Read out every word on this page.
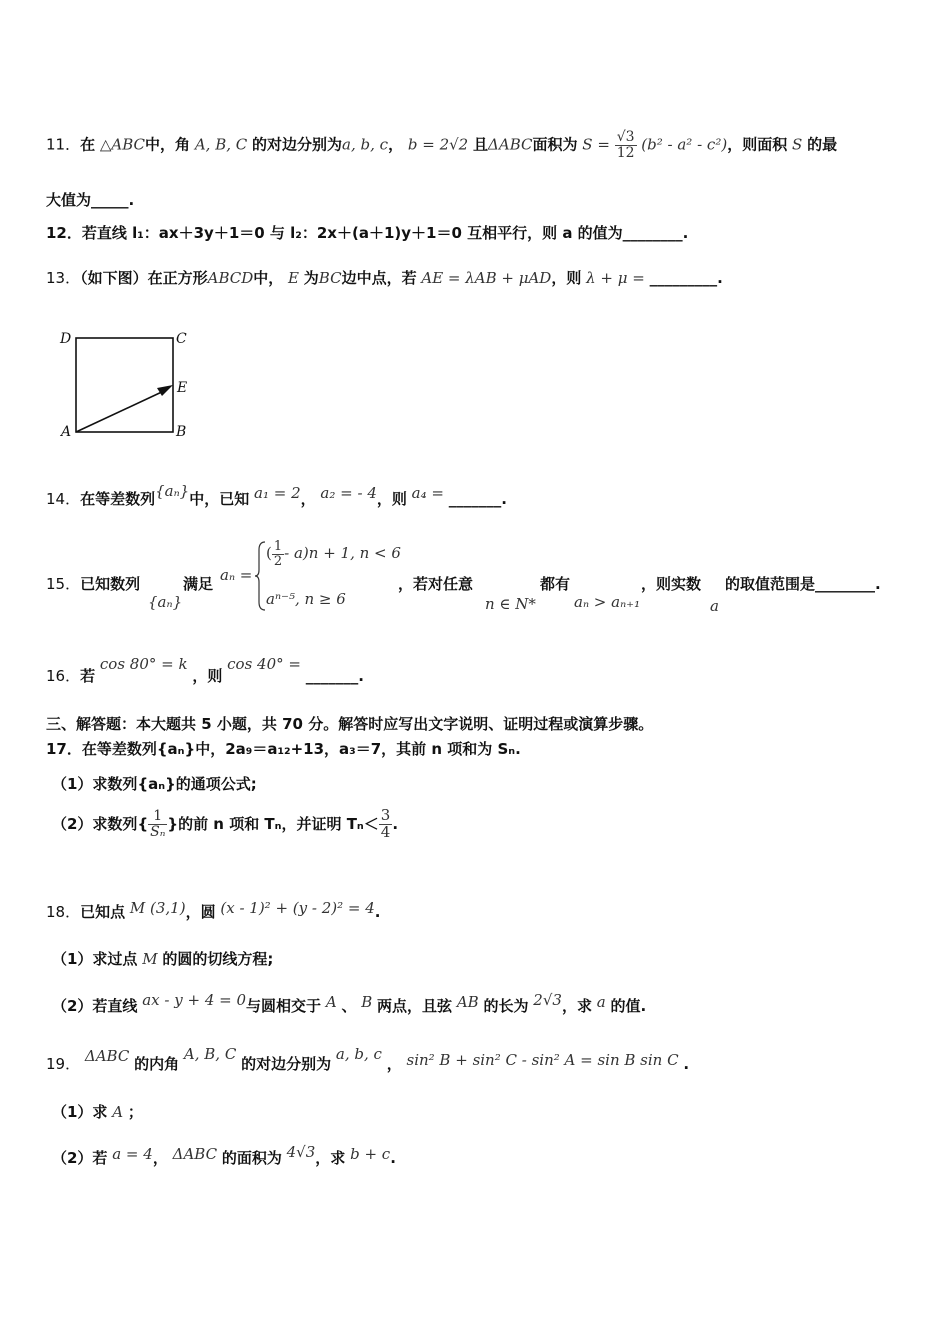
11．在 △ABC中，角 A, B, C 的对边分别为a, b, c， b = 2√2 且ΔABC面积为 $S = \frac{√3}{12} (b^2 - a^2 - c^2)$，则面积 S 的最
大值为_____.
12．若直线 l₁：ax＋3y＋1＝0 与 l₂：2x＋(a＋1)y＋1＝0 互相平行，则 a 的值为________.
13．（如下图）在正方形ABCD中， E 为BC边中点，若 AE = λAB + μAD，则 λ + μ = _________.
D	C
E
A	B
14．在等差数列{aₙ}中，已知 a₁ = 2， a₂ = - 4，则 a₄ = _______.
15．已知数列
{aₙ}
满足 aₙ =
( $\frac{1}{2} - a)n + 1$, n < 6
aⁿ⁻⁵, n ≥ 6
，若对任意
n ∈ N*
都有
aₙ > aₙ₊₁
，则实数
a
的取值范围是________.
16．若 cos 80° = k ，则 cos 40° = _______.
三、解答题：本大题共 5 小题，共 70 分。解答时应写出文字说明、证明过程或演算步骤。
17．在等差数列{aₙ}中，2a₉＝a₁₂+13，a₃＝7，其前 n 项和为 Sₙ.
（1）求数列{aₙ}的通项公式;
（2）求数列{ $\frac{1}{\text{Sₙ}}$ }的前 n 项和 Tₙ，并证明 $T_n< \frac{3}{4}$ .
18．已知点 M (3,1)，圆 (x - 1)² + (y - 2)² = 4.
（1）求过点 M 的圆的切线方程;
（2）若直线 ax - y + 4 = 0与圆相交于 A 、 B 两点，且弦 AB 的长为 2√3，求 a 的值.
19． ΔABC 的内角 A, B, C 的对边分别为 a, b, c ， sin² B + sin² C - sin² A = sin B sin C .
（1）求 A ；
（2）若 a = 4， ΔABC 的面积为 4√3，求 b + c.
